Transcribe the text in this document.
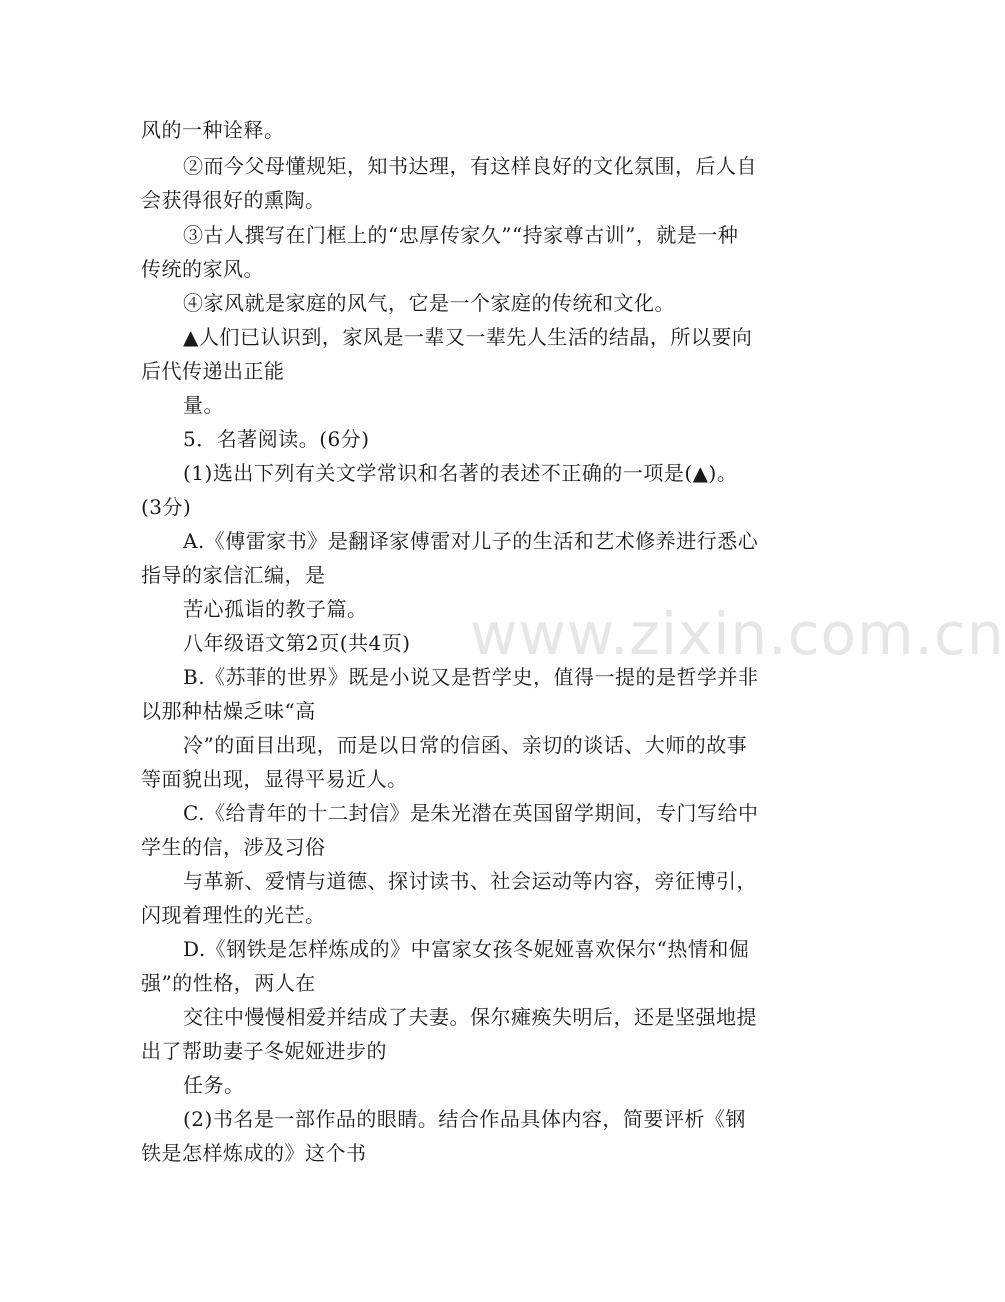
www.zixin.com.cn
风的一种诠释。
②而今父母懂规矩，知书达理，有这样良好的文化氛围，后人自
会获得很好的熏陶。
③古人撰写在门框上的“忠厚传家久”“持家尊古训”，就是一种
传统的家风。
④家风就是家庭的风气，它是一个家庭的传统和文化。
▲人们已认识到，家风是一辈又一辈先人生活的结晶，所以要向
后代传递出正能
量。
5．名著阅读。(6分)
(1)选出下列有关文学常识和名著的表述不正确的一项是(▲)。
(3分)
A.《傅雷家书》是翻译家傅雷对儿子的生活和艺术修养进行悉心
指导的家信汇编，是
苦心孤诣的教子篇。
八年级语文第2页(共4页)
B.《苏菲的世界》既是小说又是哲学史，值得一提的是哲学并非
以那种枯燥乏味“高
冷”的面目出现，而是以日常的信函、亲切的谈话、大师的故事
等面貌出现，显得平易近人。
C.《给青年的十二封信》是朱光潜在英国留学期间，专门写给中
学生的信，涉及习俗
与革新、爱情与道德、探讨读书、社会运动等内容，旁征博引，
闪现着理性的光芒。
D.《钢铁是怎样炼成的》中富家女孩冬妮娅喜欢保尔“热情和倔
强”的性格，两人在
交往中慢慢相爱并结成了夫妻。保尔瘫痪失明后，还是坚强地提
出了帮助妻子冬妮娅进步的
任务。
(2)书名是一部作品的眼睛。结合作品具体内容，简要评析《钢
铁是怎样炼成的》这个书
